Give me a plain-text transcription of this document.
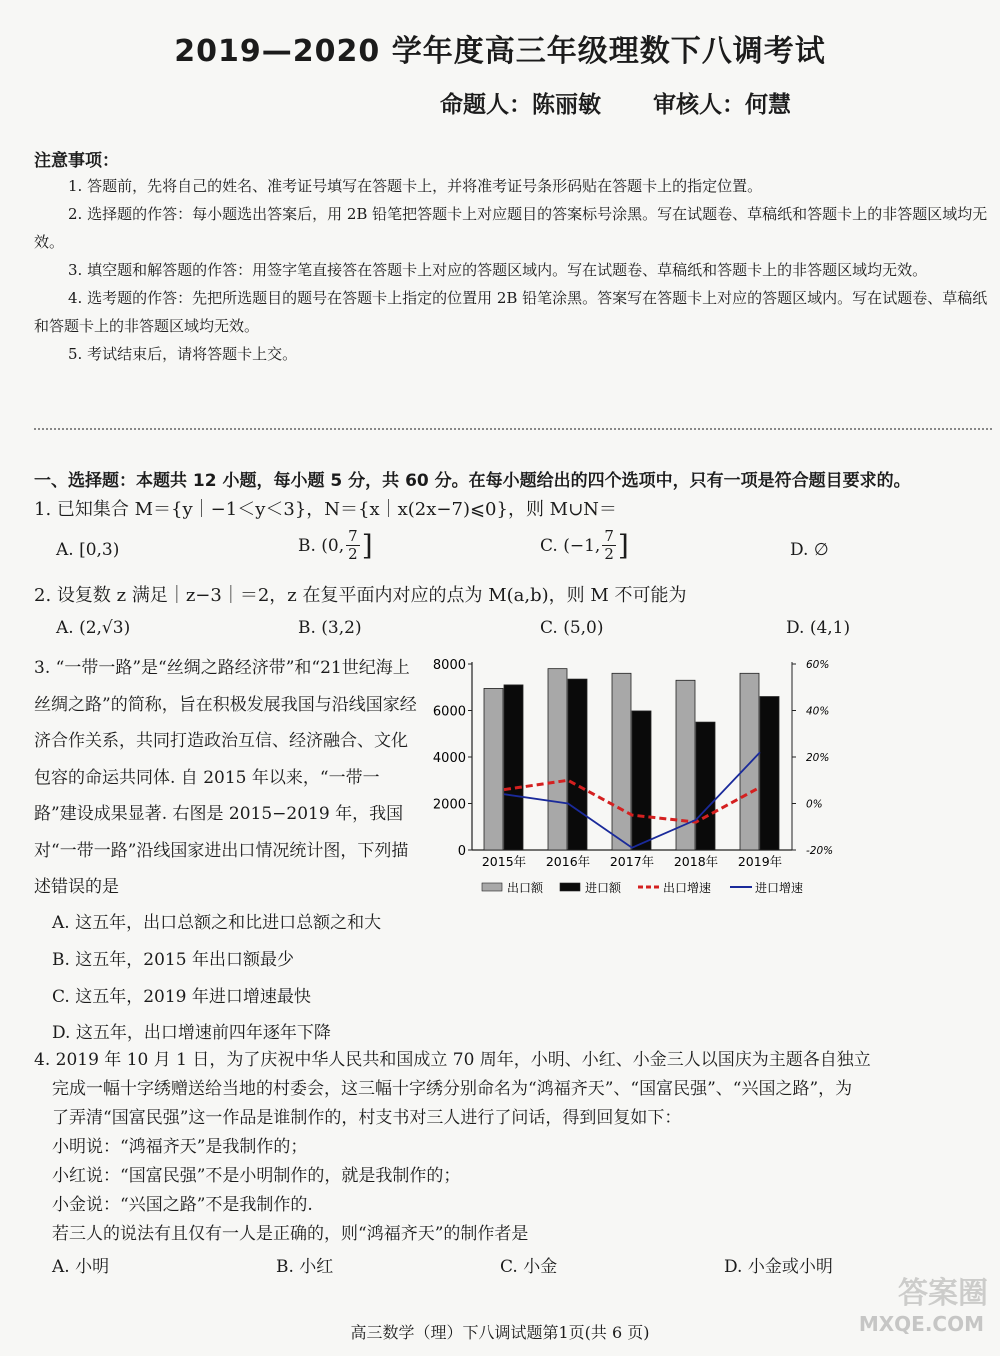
2019—2020 学年度高三年级理数下八调考试
命题人：陈丽敏 审核人：何慧
注意事项：

1. 答题前，先将自己的姓名、准考证号填写在答题卡上，并将准考证号条形码贴在答题卡上的指定位置。

2. 选择题的作答：每小题选出答案后，用 2B 铅笔把答题卡上对应题目的答案标号涂黑。写在试题卷、草稿纸和答题卡上的非答题区域均无效。

3. 填空题和解答题的作答：用签字笔直接答在答题卡上对应的答题区域内。写在试题卷、草稿纸和答题卡上的非答题区域均无效。

4. 选考题的作答：先把所选题目的题号在答题卡上指定的位置用 2B 铅笔涂黑。答案写在答题卡上对应的答题区域内。写在试题卷、草稿纸和答题卡上的非答题区域均无效。

5. 考试结束后，请将答题卡上交。

一、选择题：本题共 12 小题，每小题 5 分，共 60 分。在每小题给出的四个选项中，只有一项是符合题目要求的。
1. 已知集合 M＝{y｜−1＜y＜3}，N＝{x｜x(2x−7)⩽0}，则 M∪N＝
A. [0,3)	B. (0, $\frac{7}{2}$ ]	C. (−1, $\frac{7}{2}$ ]	D. ∅
2. 设复数 z 满足｜z−3｜＝2，z 在复平面内对应的点为 M(a,b)，则 M 不可能为
A. (2,√3)	B. (3,2)	C. (5,0)	D. (4,1)
3. “一带一路”是“丝绸之路经济带”和“21世纪海上丝绸之路”的简称，旨在积极发展我国与沿线国家经济合作关系，共同打造政治互信、经济融合、文化包容的命运共同体. 自 2015 年以来，“一带一路”建设成果显著. 右图是 2015−2019 年，我国对“一带一路”沿线国家进出口情况统计图，下列描述错误的是
A. 这五年，出口总额之和比进口总额之和大
B. 这五年，2015 年出口额最少
C. 这五年，2019 年进口增速最快
D. 这五年，出口增速前四年逐年下降
0
2000
4000
6000
8000
-20%
0%
20%
40%
60%
2015年 2016年 2017年 2018年 2019年
出口额	进口额	出口增速	进口增速

4. 2019 年 10 月 1 日，为了庆祝中华人民共和国成立 70 周年，小明、小红、小金三人以国庆为主题各自独立

完成一幅十字绣赠送给当地的村委会，这三幅十字绣分别命名为“鸿福齐天”、“国富民强”、“兴国之路”，为

了弄清“国富民强”这一作品是谁制作的，村支书对三人进行了问话，得到回复如下：

小明说：“鸿福齐天”是我制作的；

小红说：“国富民强”不是小明制作的，就是我制作的；

小金说：“兴国之路”不是我制作的.

若三人的说法有且仅有一人是正确的，则“鸿福齐天”的制作者是

A. 小明	B. 小红	C. 小金	D. 小金或小明
高三数学（理）下八调试题第1页(共 6 页)
答案圈
MXQE.COM
